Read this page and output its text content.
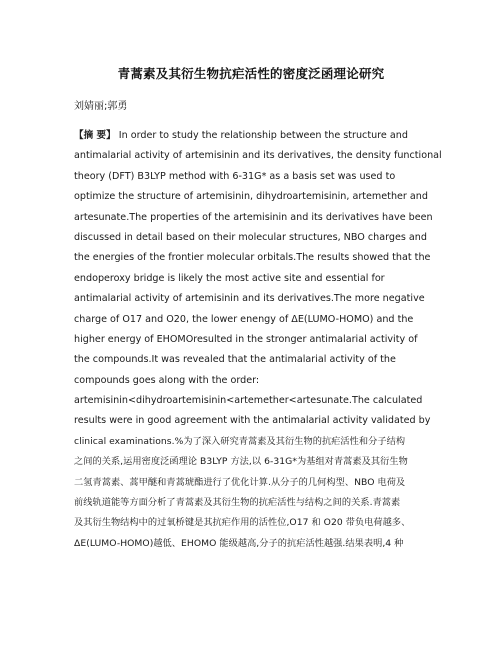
青蒿素及其衍生物抗疟活性的密度泛函理论研究
刘婧丽;郭勇
【摘 要】 In order to study the relationship between the structure and
antimalarial activity of artemisinin and its derivatives, the density functional
theory (DFT) B3LYP method with 6-31G* as a basis set was used to
optimize the structure of artemisinin, dihydroartemisinin, artemether and
artesunate.The properties of the artemisinin and its derivatives have been
discussed in detail based on their molecular structures, NBO charges and
the energies of the frontier molecular orbitals.The results showed that the
endoperoxy bridge is likely the most active site and essential for
antimalarial activity of artemisinin and its derivatives.The more negative
charge of O17 and O20, the lower enengy of ΔE(LUMO-HOMO) and the
higher energy of EHOMOresulted in the stronger antimalarial activity of
the compounds.It was revealed that the antimalarial activity of the
compounds goes along with the order:
artemisinin<dihydroartemisinin<artemether<artesunate.The calculated
results were in good agreement with the antimalarial activity validated by
clinical examinations.%为了深入研究青蒿素及其衍生物的抗疟活性和分子结构
之间的关系,运用密度泛函理论 B3LYP 方法,以 6-31G*为基组对青蒿素及其衍生物
二氢青蒿素、蒿甲醚和青蒿琥酯进行了优化计算.从分子的几何构型、NBO 电荷及
前线轨道能等方面分析了青蒿素及其衍生物的抗疟活性与结构之间的关系.青蒿素
及其衍生物结构中的过氧桥键是其抗疟作用的活性位,O17 和 O20 带负电荷越多、
ΔE(LUMO-HOMO)越低、EHOMO 能级越高,分子的抗疟活性越强.结果表明,4 种
